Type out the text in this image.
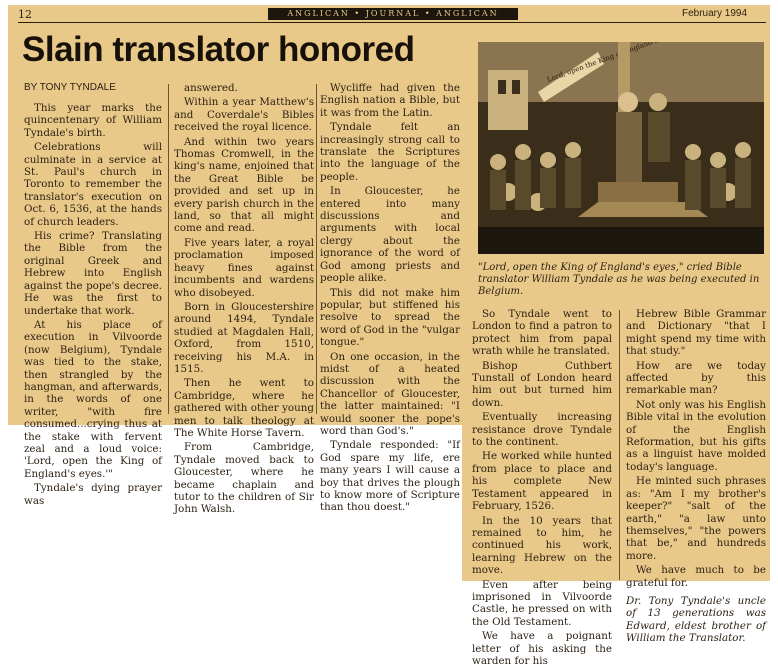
12	ANGLICAN • JOURNAL • ANGLICAN	February 1994
Slain translator honored
BY TONY TYNDALE

This year marks the quincentenary of William Tyndale's birth.

Celebrations will culminate in a service at St. Paul's church in Toronto to remember the translator's execution on Oct. 6, 1536, at the hands of church leaders.

His crime? Translating the Bible from the original Greek and Hebrew into English against the pope's decree. He was the first to undertake that work.

At his place of execution in Vilvoorde (now Belgium), Tyndale was tied to the stake, then strangled by the hangman, and afterwards, in the words of one writer, "with fire consumed...crying thus at the stake with fervent zeal and a loud voice: 'Lord, open the King of England's eyes.'"

Tyndale's dying prayer was

answered.

Within a year Matthew's and Coverdale's Bibles received the royal licence.

And within two years Thomas Cromwell, in the king's name, enjoined that the Great Bible be provided and set up in every parish church in the land, so that all might come and read.

Five years later, a royal proclamation imposed heavy fines against incumbents and wardens who disobeyed.

Born in Gloucestershire around 1494, Tyndale studied at Magdalen Hall, Oxford, from 1510, receiving his M.A. in 1515.

Then he went to Cambridge, where he gathered with other young men to talk theology at The White Horse Tavern.

From Cambridge, Tyndale moved back to Gloucester, where he became chaplain and tutor to the children of Sir John Walsh.

Wycliffe had given the English nation a Bible, but it was from the Latin.

Tyndale felt an increasingly strong call to translate the Scriptures into the language of the people.

In Gloucester, he entered into many discussions and arguments with local clergy about the ignorance of the word of God among priests and people alike.

This did not make him popular, but stiffened his resolve to spread the word of God in the "vulgar tongue."

On one occasion, in the midst of a heated discussion with the Chancellor of Gloucester, the latter maintained: "I would sooner the pope's word than God's."

Tyndale responded: "If God spare my life, ere many years I will cause a boy that drives the plough to know more of Scripture than thou doest."

"Lord, open the King of England's eyes," cried Bible translator William Tyndale as he was being executed in Belgium.

So Tyndale went to London to find a patron to protect him from papal wrath while he translated.

Bishop Cuthbert Tunstall of London heard him out but turned him down.

Eventually increasing resistance drove Tyndale to the continent.

He worked while hunted from place to place and his complete New Testament appeared in February, 1526.

In the 10 years that remained to him, he continued his work, learning Hebrew on the move.

Even after being imprisoned in Vilvoorde Castle, he pressed on with the Old Testament.

We have a poignant letter of his asking the warden for his

Hebrew Bible Grammar and Dictionary "that I might spend my time with that study."

How are we today affected by this remarkable man?

Not only was his English Bible vital in the evolution of the English Reformation, but his gifts as a linguist have molded today's language.

He minted such phrases as: "Am I my brother's keeper?" "salt of the earth," "a law unto themselves," "the powers that be," and hundreds more.

We have much to be grateful for.

Dr. Tony Tyndale's uncle of 13 generations was Edward, eldest brother of William the Translator.
